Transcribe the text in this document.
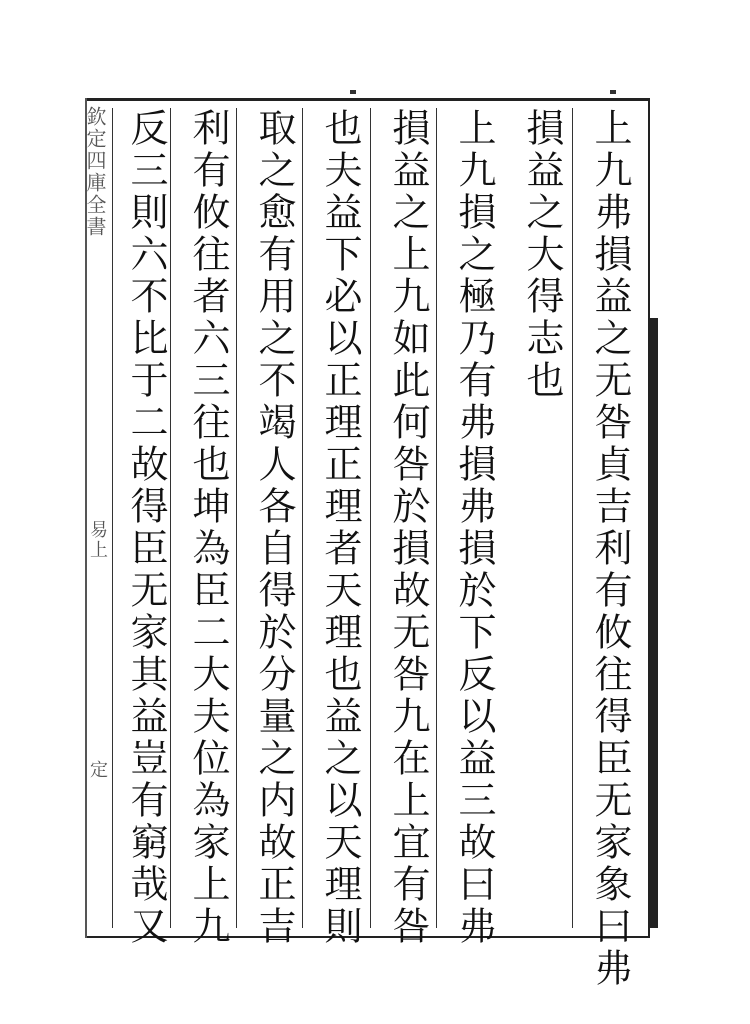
欽定四庫全書
易上
定	上九弗損益之无咎貞吉利有攸往得臣无家象曰弗
損益之大得志也
上九損之極乃有弗損弗損於下反以益三故曰弗
損益之上九如此何咎於損故无咎九在上宜有咎
也夫益下必以正理正理者天理也益之以天理則
取之愈有用之不竭人各自得於分量之内故正吉
利有攸往者六三往也坤為臣二大夫位為家上九
反三則六不比于二故得臣无家其益豈有窮哉又
